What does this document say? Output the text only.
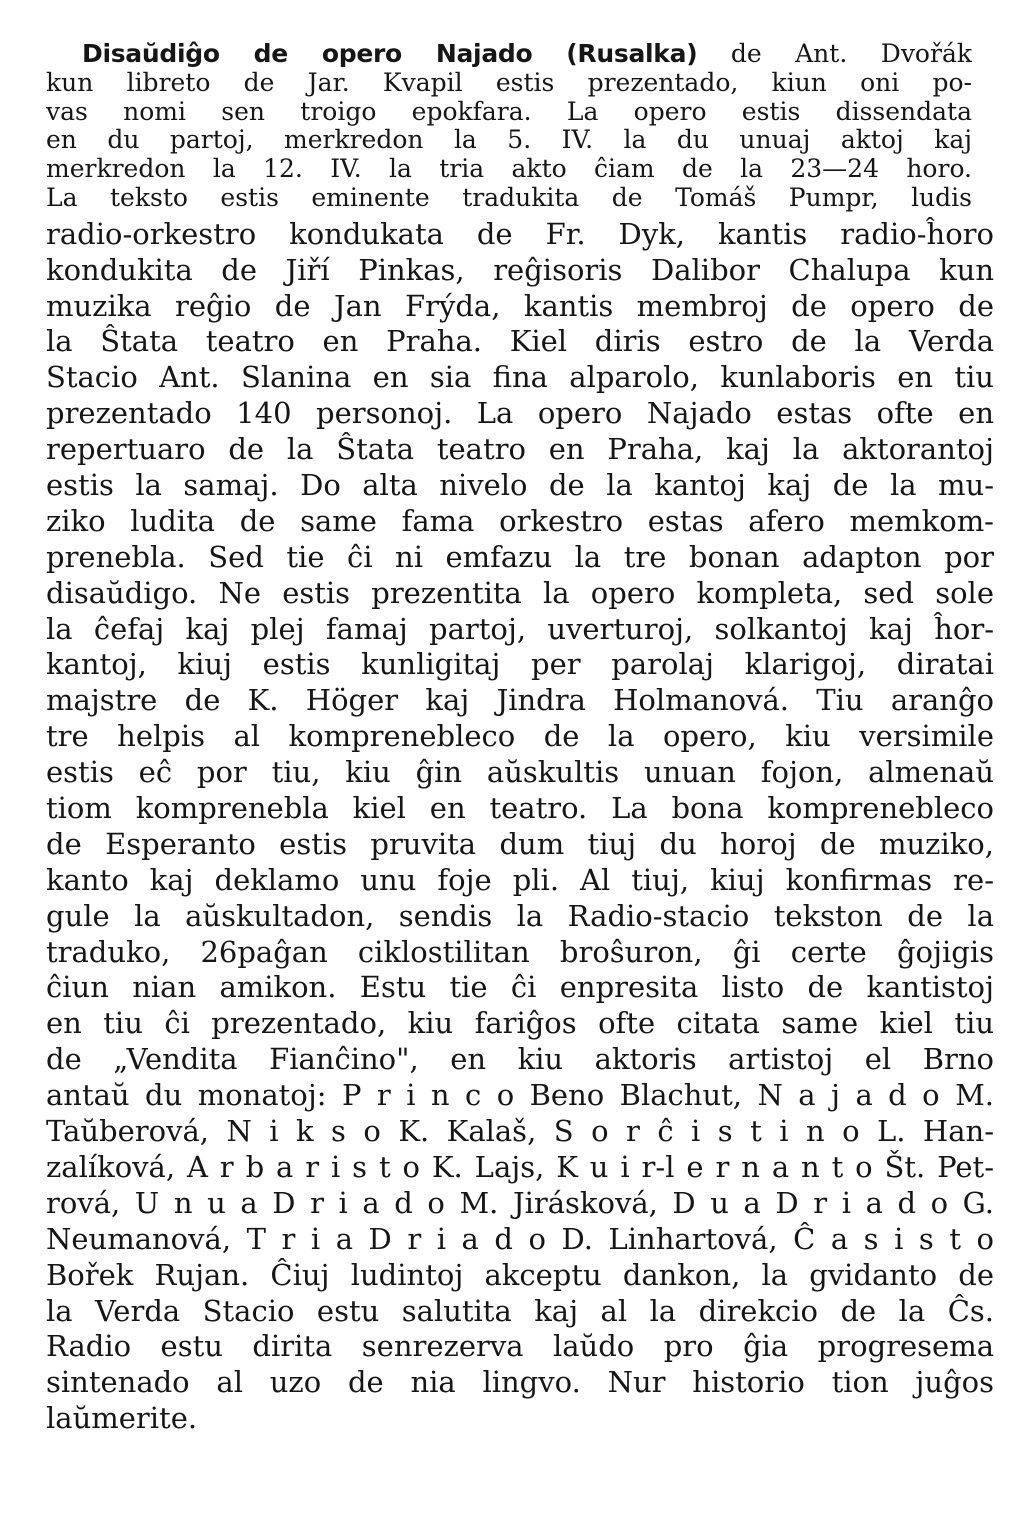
Disaŭdiĝo de opero Najado (Rusalka) de Ant. Dvořák
kun libreto de Jar. Kvapil estis prezentado, kiun oni po-
vas nomi sen troigo epokfara. La opero estis dissendata
en du partoj, merkredon la 5. IV. la du unuaj aktoj kaj
merkredon la 12. IV. la tria akto ĉiam de la 23—24 horo.
La teksto estis eminente tradukita de Tomáš Pumpr, ludis
radio-orkestro kondukata de Fr. Dyk, kantis radio-ĥoro
kondukita de Jiří Pinkas, reĝisoris Dalibor Chalupa kun
muzika reĝio de Jan Frýda, kantis membroj de opero de
la Ŝtata teatro en Praha. Kiel diris estro de la Verda
Stacio Ant. Slanina en sia fina alparolo, kunlaboris en tiu
prezentado 140 personoj. La opero Najado estas ofte en
repertuaro de la Ŝtata teatro en Praha, kaj la aktorantoj
estis la samaj. Do alta nivelo de la kantoj kaj de la mu-
ziko ludita de same fama orkestro estas afero memkom-
prenebla. Sed tie ĉi ni emfazu la tre bonan adapton por
disaŭdigo. Ne estis prezentita la opero kompleta, sed sole
la ĉefaj kaj plej famaj partoj, uverturoj, solkantoj kaj ĥor-
kantoj, kiuj estis kunligitaj per parolaj klarigoj, diratai
majstre de K. Höger kaj Jindra Holmanová. Tiu aranĝo
tre helpis al komprenebleco de la opero, kiu versimile
estis eĉ por tiu, kiu ĝin aŭskultis unuan fojon, almenaŭ
tiom komprenebla kiel en teatro. La bona komprenebleco
de Esperanto estis pruvita dum tiuj du horoj de muziko,
kanto kaj deklamo unu foje pli. Al tiuj, kiuj konfirmas re-
gule la aŭskultadon, sendis la Radio-stacio tekston de la
traduko, 26paĝan ciklostilitan broŝuron, ĝi certe ĝojigis
ĉiun nian amikon. Estu tie ĉi enpresita listo de kantistoj
en tiu ĉi prezentado, kiu fariĝos ofte citata same kiel tiu
de „Vendita Fianĉino", en kiu aktoris artistoj el Brno
antaŭ du monatoj: P r i n c o Beno Blachut, N a j a d o M.
Taŭberová, N i k s o K. Kalaš, S o r ĉ i s t i n o L. Han-
zalíková, A r b a r i s t o K. Lajs, K u i r-l e r n a n t o Št. Pet-
rová, U n u a D r i a d o M. Jirásková, D u a D r i a d o G.
Neumanová, T r i a D r i a d o D. Linhartová, Ĉ a s i s t o
Bořek Rujan. Ĉiuj ludintoj akceptu dankon, la gvidanto de
la Verda Stacio estu salutita kaj al la direkcio de la Ĉs.
Radio estu dirita senrezerva laŭdo pro ĝia progresema
sintenado al uzo de nia lingvo. Nur historio tion juĝos
laŭmerite.
